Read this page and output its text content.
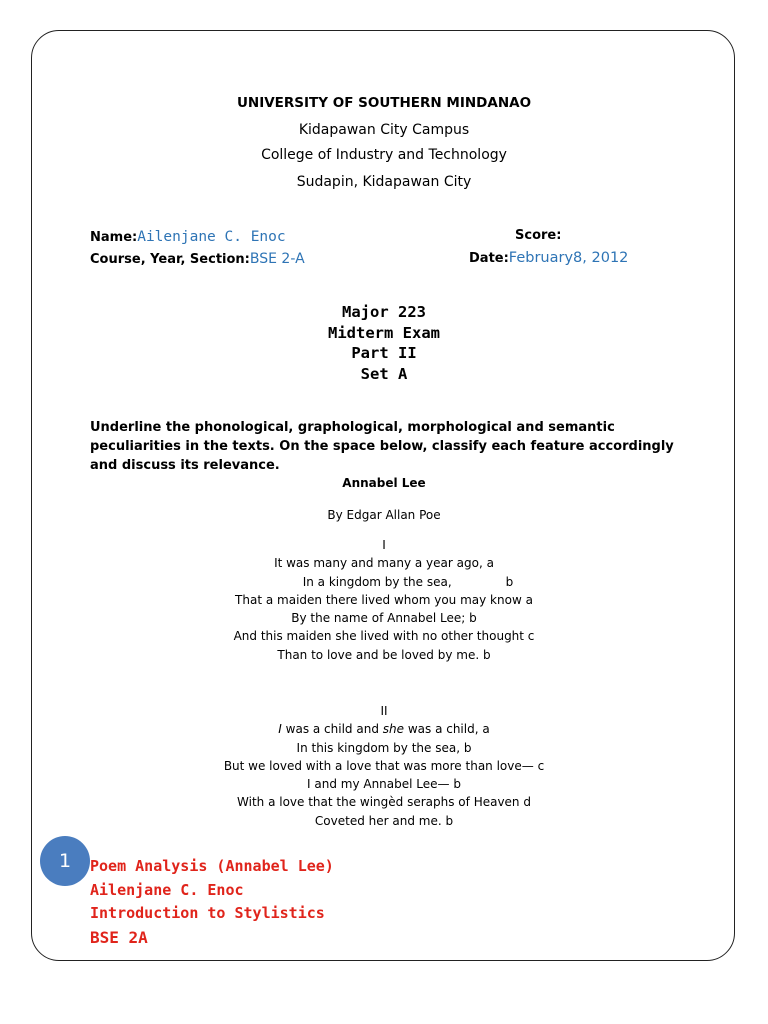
UNIVERSITY OF SOUTHERN MINDANAO
Kidapawan City Campus
College of Industry and Technology
Sudapin, Kidapawan City
Name:Ailenjane C. Enoc	Score:
Course, Year, Section:BSE 2-A	Date:February8, 2012
Major 223
Midterm Exam
Part II
Set A
Underline the phonological, graphological, morphological and semantic peculiarities in the texts. On the space below, classify each feature accordingly and discuss its relevance.
Annabel Lee
By Edgar Allan Poe
I
It was many and many a year ago, a
In a kingdom by the sea,	b
That a maiden there lived whom you may know a
By the name of Annabel Lee; b
And this maiden she lived with no other thought c
Than to love and be loved by me. b
II
I was a child and she was a child, a
In this kingdom by the sea, b
But we loved with a love that was more than love— c
I and my Annabel Lee— b
With a love that the wingèd seraphs of Heaven d
Coveted her and me. b
1	Poem Analysis (Annabel Lee)
Ailenjane C. Enoc
Introduction to Stylistics
BSE 2A
